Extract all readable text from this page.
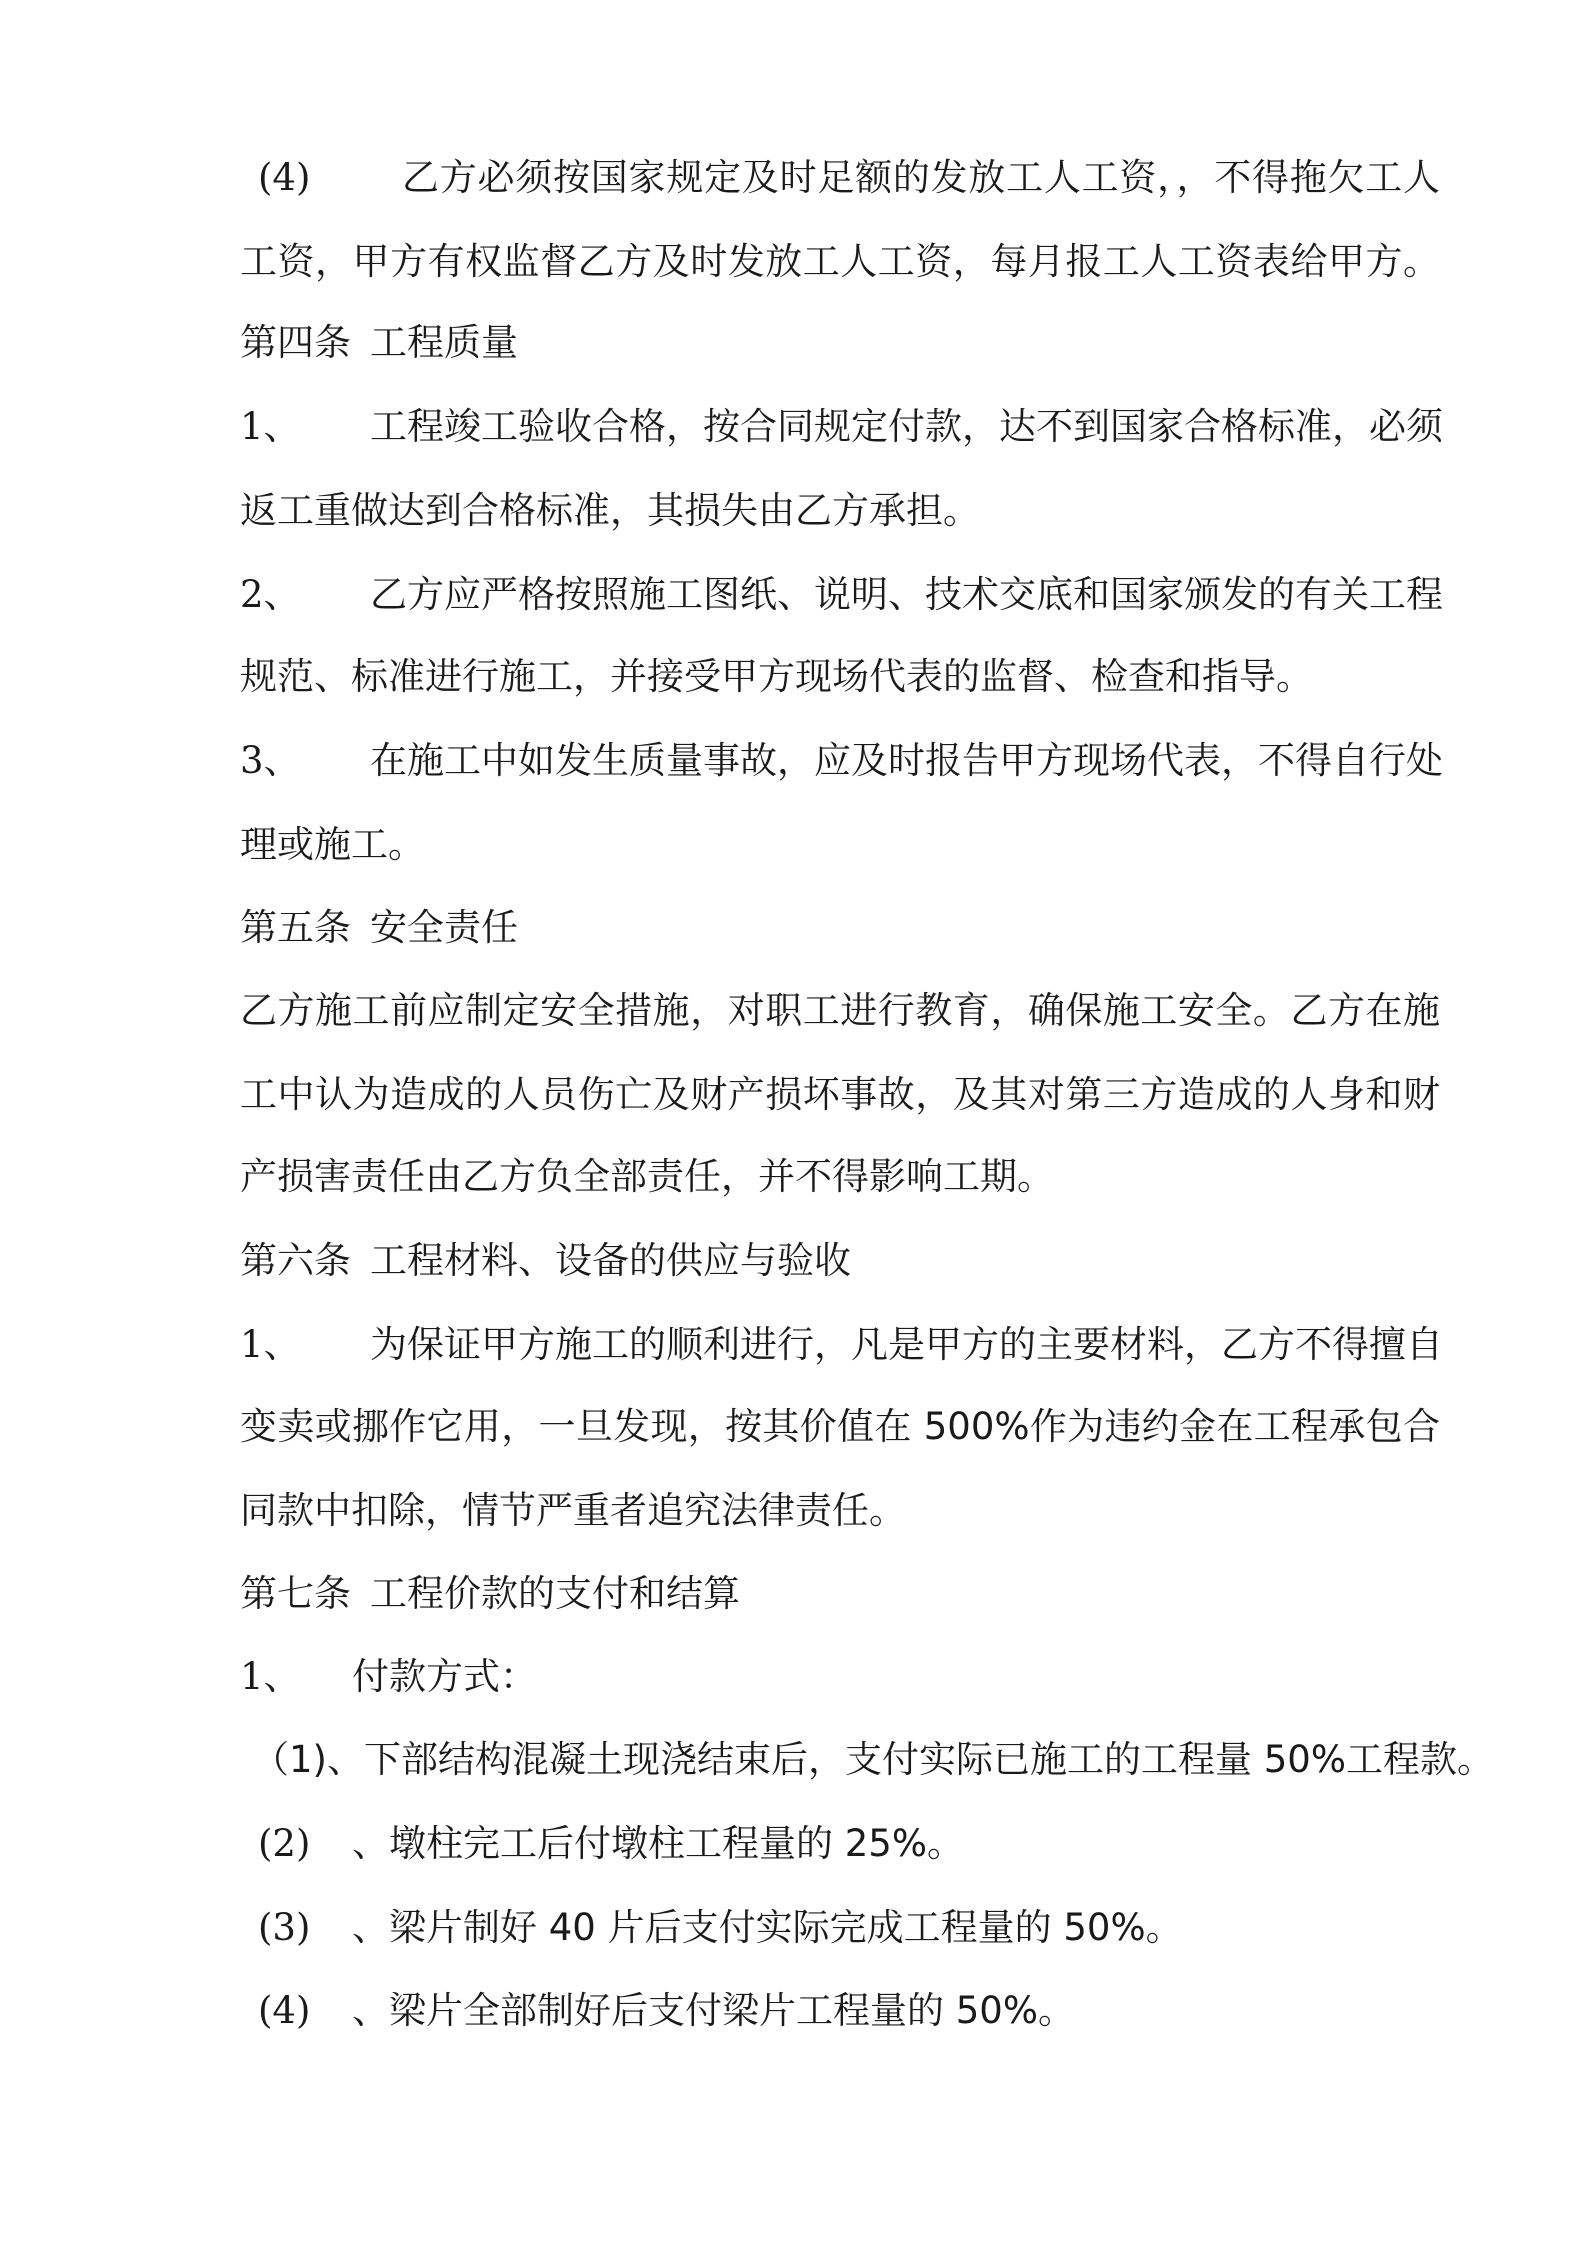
(4)	乙方必须按国家规定及时足额的发放工人工资，，不得拖欠工人
工资，甲方有权监督乙方及时发放工人工资，每月报工人工资表给甲方。
第四条 工程质量
1、	工程竣工验收合格，按合同规定付款，达不到国家合格标准，必须
返工重做达到合格标准，其损失由乙方承担。
2、	乙方应严格按照施工图纸、说明、技术交底和国家颁发的有关工程
规范、标准进行施工，并接受甲方现场代表的监督、检查和指导。
3、	在施工中如发生质量事故，应及时报告甲方现场代表，不得自行处
理或施工。
第五条 安全责任
乙方施工前应制定安全措施，对职工进行教育，确保施工安全。乙方在施
工中认为造成的人员伤亡及财产损坏事故，及其对第三方造成的人身和财
产损害责任由乙方负全部责任，并不得影响工期。
第六条 工程材料、设备的供应与验收
1、	为保证甲方施工的顺利进行，凡是甲方的主要材料，乙方不得擅自
变卖或挪作它用，一旦发现，按其价值在 500%作为违约金在工程承包合
同款中扣除，情节严重者追究法律责任。
第七条 工程价款的支付和结算
1、	付款方式：
（1)、下部结构混凝土现浇结束后，支付实际已施工的工程量 50%工程款。
(2)	、墩柱完工后付墩柱工程量的 25%。
(3)	、梁片制好 40 片后支付实际完成工程量的 50%。
(4)	、梁片全部制好后支付梁片工程量的 50%。
